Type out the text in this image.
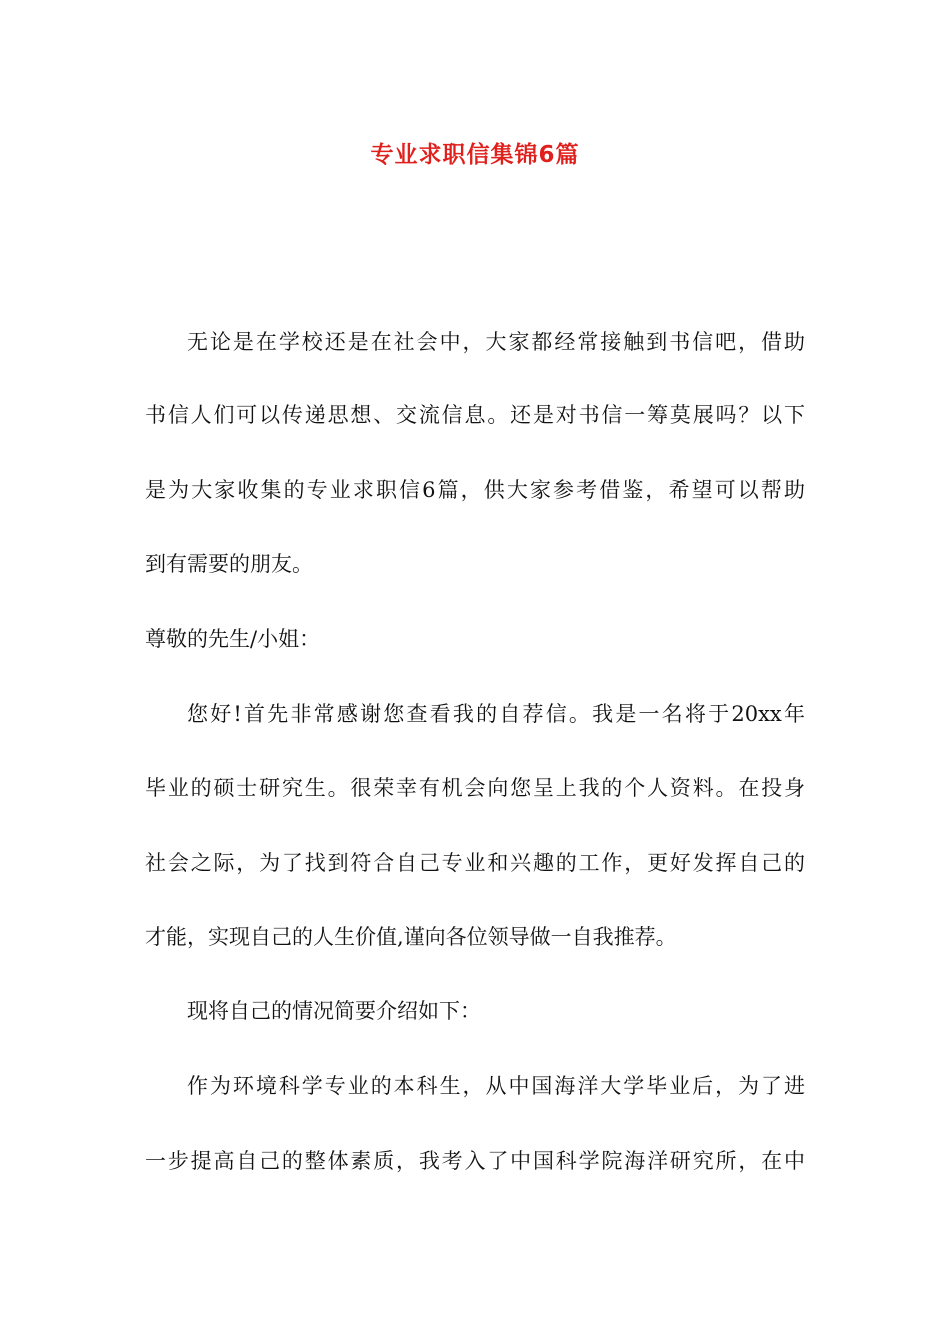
专业求职信集锦6篇
无论是在学校还是在社会中，大家都经常接触到书信吧，借助
书信人们可以传递思想、交流信息。还是对书信一筹莫展吗？以下
是为大家收集的专业求职信6篇，供大家参考借鉴，希望可以帮助
到有需要的朋友。
尊敬的先生/小姐：
您好!首先非常感谢您查看我的自荐信。我是一名将于20xx年
毕业的硕士研究生。很荣幸有机会向您呈上我的个人资料。在投身
社会之际，为了找到符合自己专业和兴趣的工作，更好发挥自己的
才能，实现自己的人生价值,谨向各位领导做一自我推荐。
现将自己的情况简要介绍如下：
作为环境科学专业的本科生，从中国海洋大学毕业后，为了进
一步提高自己的整体素质，我考入了中国科学院海洋研究所，在中
